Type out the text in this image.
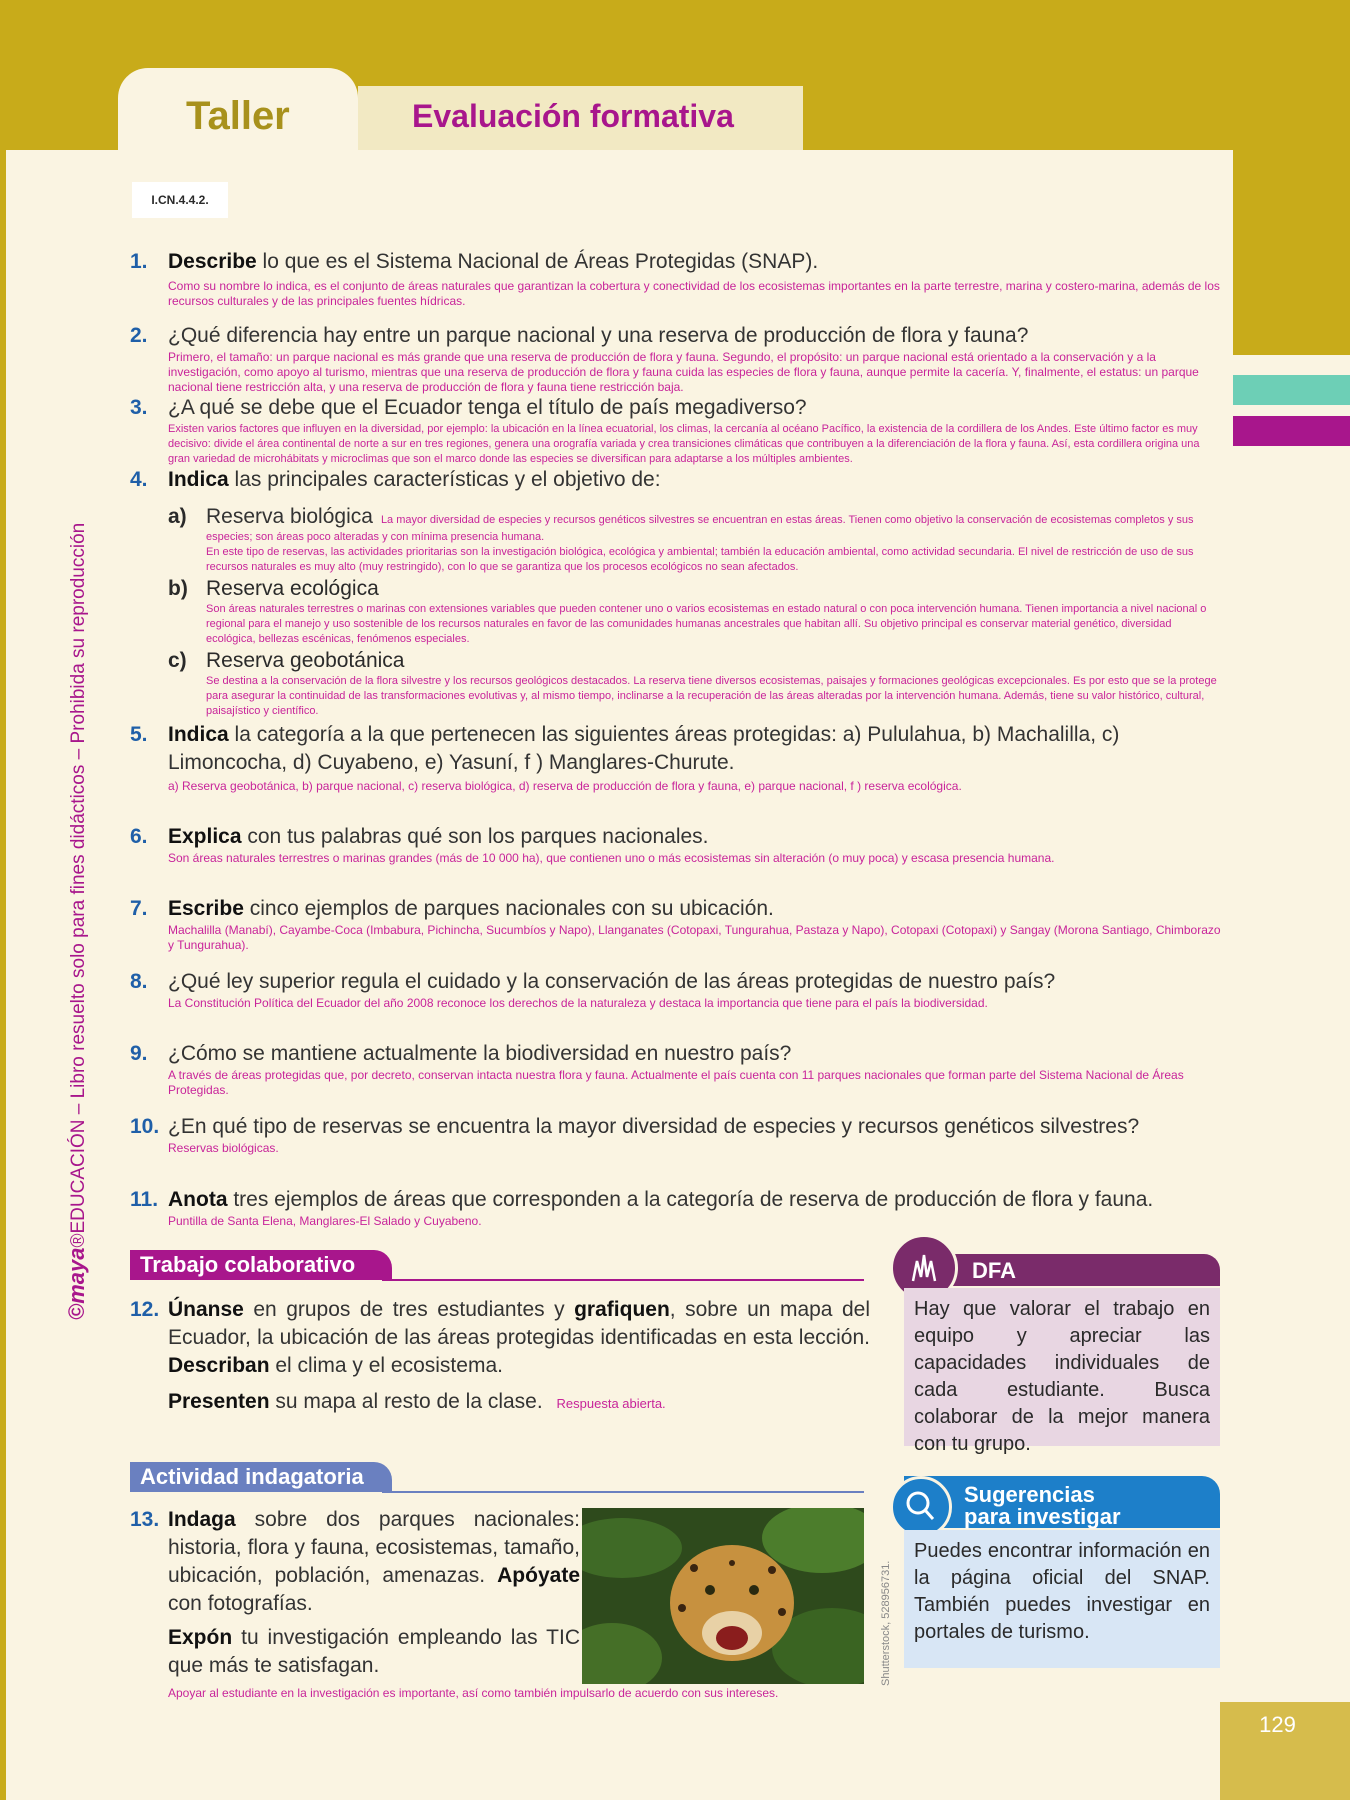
Taller	Evaluación formativa
I.CN.4.4.2.
©maya®EDUCACIÓN – Libro resuelto solo para fines didácticos – Prohibida su reproducción
1. Describe lo que es el Sistema Nacional de Áreas Protegidas (SNAP).
Como su nombre lo indica, es el conjunto de áreas naturales que garantizan la cobertura y conectividad de los ecosistemas importantes en la parte terrestre, marina y costero-marina, además de los recursos culturales y de las principales fuentes hídricas.
2. ¿Qué diferencia hay entre un parque nacional y una reserva de producción de flora y fauna?
Primero, el tamaño: un parque nacional es más grande que una reserva de producción de flora y fauna. Segundo, el propósito: un parque nacional está orientado a la conservación y a la investigación, como apoyo al turismo, mientras que una reserva de producción de flora y fauna cuida las especies de flora y fauna, aunque permite la cacería. Y, finalmente, el estatus: un parque nacional tiene restricción alta, y una reserva de producción de flora y fauna tiene restricción baja.
3. ¿A qué se debe que el Ecuador tenga el título de país megadiverso?
Existen varios factores que influyen en la diversidad, por ejemplo: la ubicación en la línea ecuatorial, los climas, la cercanía al océano Pacífico, la existencia de la cordillera de los Andes. Este último factor es muy decisivo: divide el área continental de norte a sur en tres regiones, genera una orografía variada y crea transiciones climáticas que contribuyen a la diferenciación de la flora y fauna. Así, esta cordillera origina una gran variedad de microhábitats y microclimas que son el marco donde las especies se diversifican para adaptarse a los múltiples ambientes.
4. Indica las principales características y el objetivo de:
a) Reserva biológica La mayor diversidad de especies y recursos genéticos silvestres se encuentran en estas áreas. Tienen como objetivo la conservación de ecosistemas completos y sus especies; son áreas poco alteradas y con mínima presencia humana.
En este tipo de reservas, las actividades prioritarias son la investigación biológica, ecológica y ambiental; también la educación ambiental, como actividad secundaria. El nivel de restricción de uso de sus recursos naturales es muy alto (muy restringido), con lo que se garantiza que los procesos ecológicos no sean afectados.
b) Reserva ecológica
Son áreas naturales terrestres o marinas con extensiones variables que pueden contener uno o varios ecosistemas en estado natural o con poca intervención humana. Tienen importancia a nivel nacional o regional para el manejo y uso sostenible de los recursos naturales en favor de las comunidades humanas ancestrales que habitan allí. Su objetivo principal es conservar material genético, diversidad ecológica, bellezas escénicas, fenómenos especiales.
c) Reserva geobotánica
Se destina a la conservación de la flora silvestre y los recursos geológicos destacados. La reserva tiene diversos ecosistemas, paisajes y formaciones geológicas excepcionales. Es por esto que se la protege para asegurar la continuidad de las transformaciones evolutivas y, al mismo tiempo, inclinarse a la recuperación de las áreas alteradas por la intervención humana. Además, tiene su valor histórico, cultural, paisajístico y científico.
5. Indica la categoría a la que pertenecen las siguientes áreas protegidas: a) Pululahua, b) Machalilla, c) Limoncocha, d) Cuyabeno, e) Yasuní, f ) Manglares-Churute.
a) Reserva geobotánica, b) parque nacional, c) reserva biológica, d) reserva de producción de flora y fauna, e) parque nacional, f ) reserva ecológica.
6. Explica con tus palabras qué son los parques nacionales.
Son áreas naturales terrestres o marinas grandes (más de 10 000 ha), que contienen uno o más ecosistemas sin alteración (o muy poca) y escasa presencia humana.
7. Escribe cinco ejemplos de parques nacionales con su ubicación.
Machalilla (Manabí), Cayambe-Coca (Imbabura, Pichincha, Sucumbíos y Napo), Llanganates (Cotopaxi, Tungurahua, Pastaza y Napo), Cotopaxi (Cotopaxi) y Sangay (Morona Santiago, Chimborazo y Tungurahua).
8. ¿Qué ley superior regula el cuidado y la conservación de las áreas protegidas de nuestro país?
La Constitución Política del Ecuador del año 2008 reconoce los derechos de la naturaleza y destaca la importancia que tiene para el país la biodiversidad.
9. ¿Cómo se mantiene actualmente la biodiversidad en nuestro país?
A través de áreas protegidas que, por decreto, conservan intacta nuestra flora y fauna. Actualmente el país cuenta con 11 parques nacionales que forman parte del Sistema Nacional de Áreas Protegidas.
10. ¿En qué tipo de reservas se encuentra la mayor diversidad de especies y recursos genéticos silvestres?
Reservas biológicas.
11. Anota tres ejemplos de áreas que corresponden a la categoría de reserva de producción de flora y fauna.
Puntilla de Santa Elena, Manglares-El Salado y Cuyabeno.
Trabajo colaborativo
12. Únanse en grupos de tres estudiantes y grafiquen, sobre un mapa del Ecuador, la ubicación de las áreas protegidas identificadas en esta lección. Describan el clima y el ecosistema.
Presenten su mapa al resto de la clase. Respuesta abierta.
DFA
Hay que valorar el trabajo en equipo y apreciar las capacidades individuales de cada estudiante. Busca colaborar de la mejor manera con tu grupo.
Actividad indagatoria
13. Indaga sobre dos parques nacionales: historia, flora y fauna, ecosistemas, tamaño, ubicación, población, amenazas. Apóyate con fotografías.
Expón tu investigación empleando las TIC que más te satisfagan.
Apoyar al estudiante en la investigación es importante, así como también impulsarlo de acuerdo con sus intereses.
Shutterstock, 528956731.
Sugerencias
para investigar
Puedes encontrar información en la página oficial del SNAP. También puedes investigar en portales de turismo.
129
